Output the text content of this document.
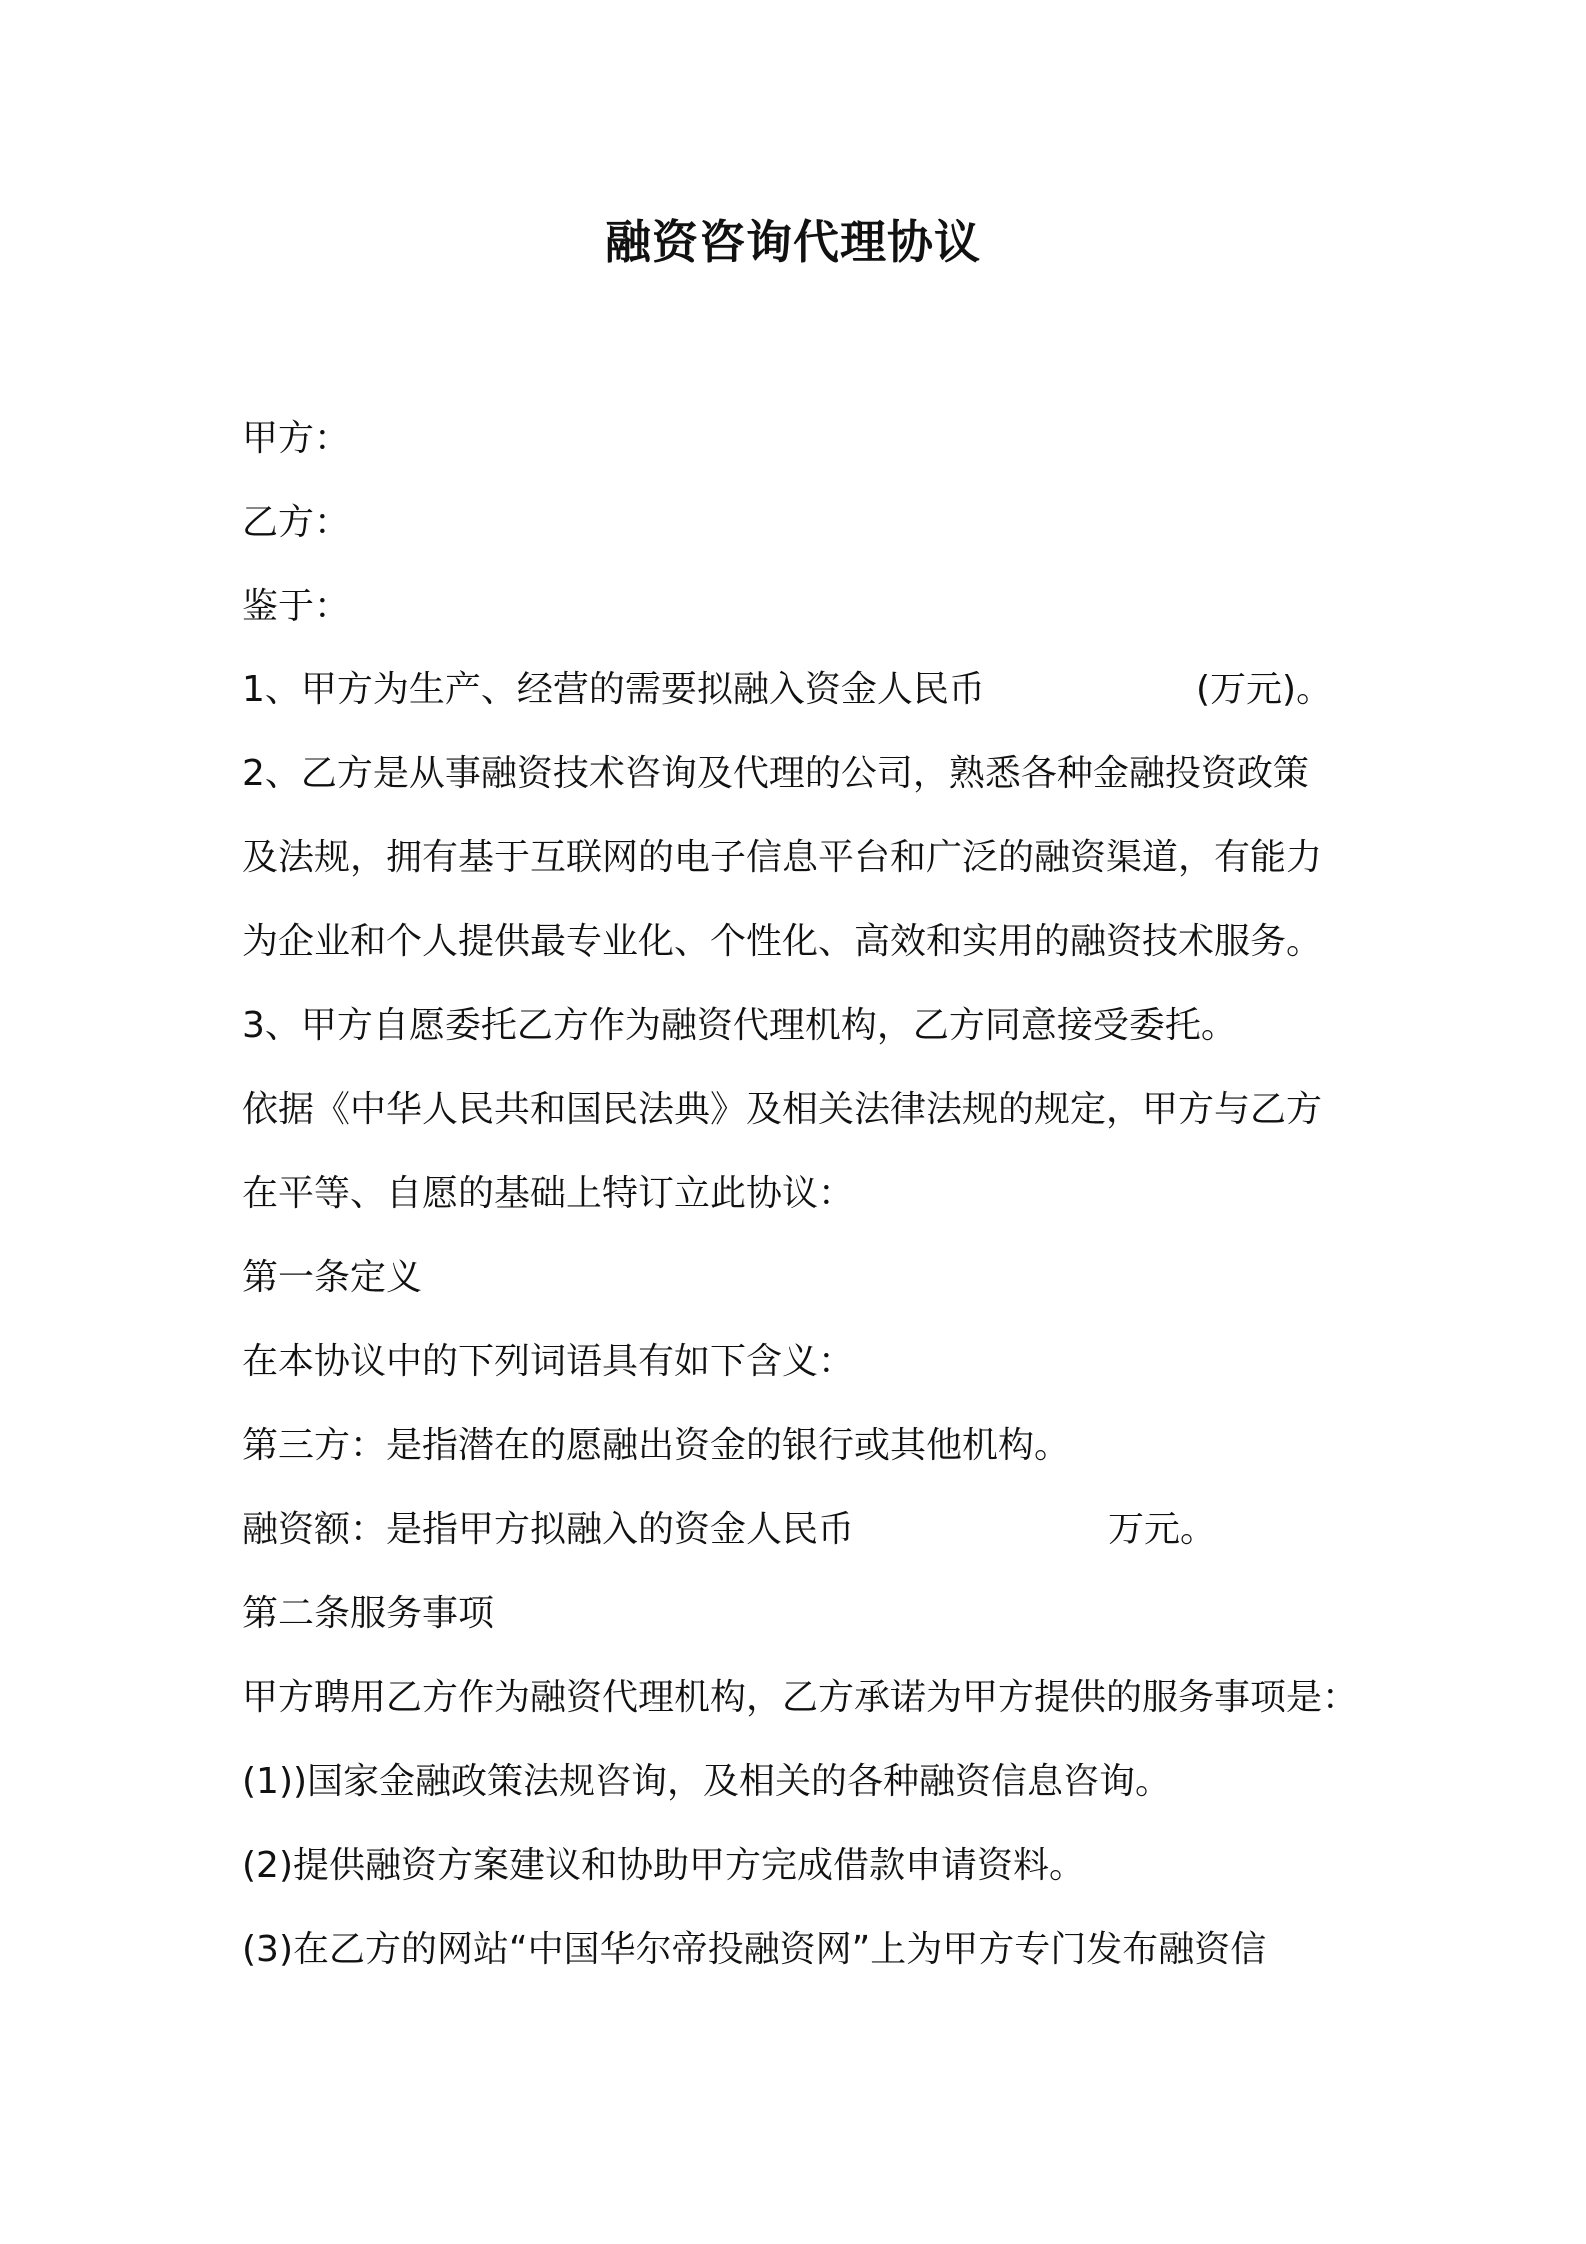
融资咨询代理协议
甲方：
乙方：
鉴于：
1、甲方为生产、经营的需要拟融入资金人民币	(万元)。
2、乙方是从事融资技术咨询及代理的公司，熟悉各种金融投资政策
及法规，拥有基于互联网的电子信息平台和广泛的融资渠道，有能力
为企业和个人提供最专业化、个性化、高效和实用的融资技术服务。
3、甲方自愿委托乙方作为融资代理机构，乙方同意接受委托。
依据《中华人民共和国民法典》及相关法律法规的规定，甲方与乙方
在平等、自愿的基础上特订立此协议：
第一条定义
在本协议中的下列词语具有如下含义：
第三方：是指潜在的愿融出资金的银行或其他机构。
融资额：是指甲方拟融入的资金人民币	万元。
第二条服务事项
甲方聘用乙方作为融资代理机构，乙方承诺为甲方提供的服务事项是：
(1))国家金融政策法规咨询，及相关的各种融资信息咨询。
(2)提供融资方案建议和协助甲方完成借款申请资料。
(3)在乙方的网站“中国华尔帝投融资网”上为甲方专门发布融资信
